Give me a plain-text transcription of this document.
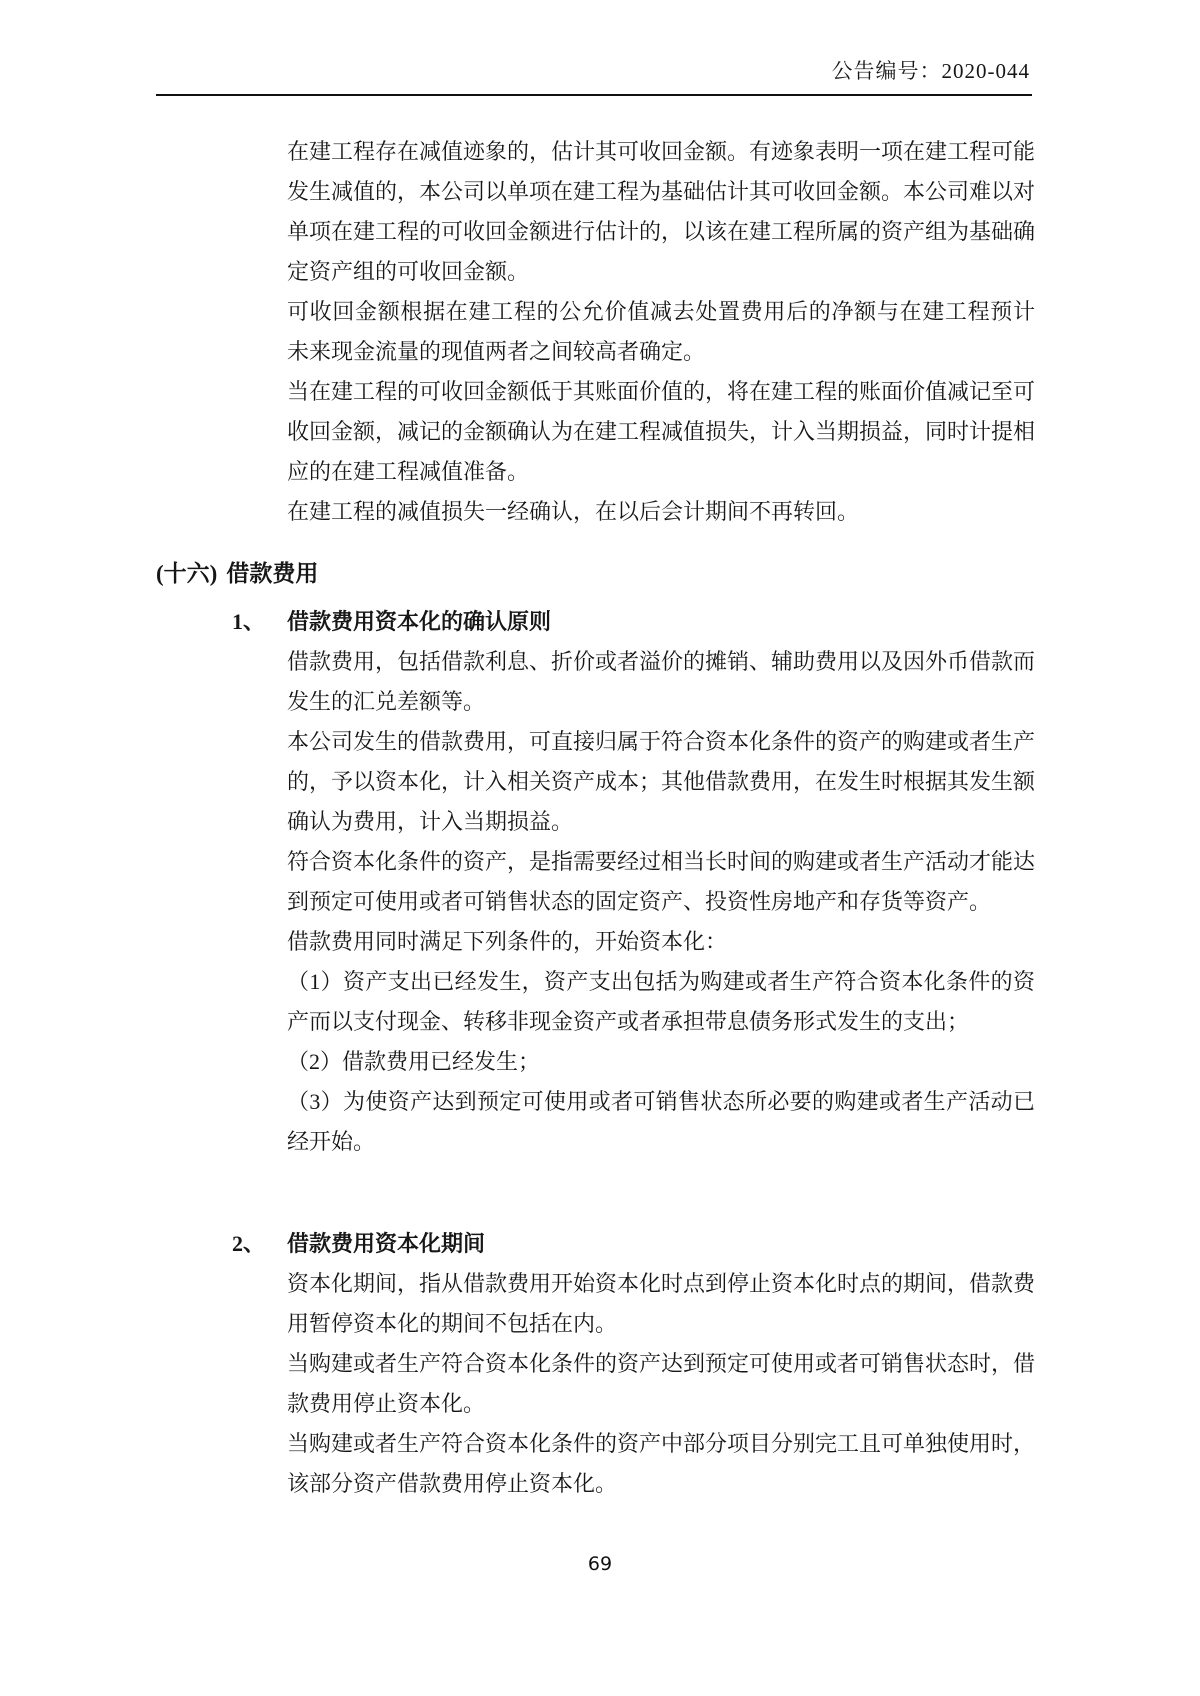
公告编号：2020-044
在建工程存在减值迹象的，估计其可收回金额。有迹象表明一项在建工程可能
发生减值的，本公司以单项在建工程为基础估计其可收回金额。本公司难以对
单项在建工程的可收回金额进行估计的，以该在建工程所属的资产组为基础确
定资产组的可收回金额。
可收回金额根据在建工程的公允价值减去处置费用后的净额与在建工程预计
未来现金流量的现值两者之间较高者确定。
当在建工程的可收回金额低于其账面价值的，将在建工程的账面价值减记至可
收回金额，减记的金额确认为在建工程减值损失，计入当期损益，同时计提相
应的在建工程减值准备。
在建工程的减值损失一经确认，在以后会计期间不再转回。
(十六) 借款费用
1、 借款费用资本化的确认原则
借款费用，包括借款利息、折价或者溢价的摊销、辅助费用以及因外币借款而
发生的汇兑差额等。
本公司发生的借款费用，可直接归属于符合资本化条件的资产的购建或者生产
的，予以资本化，计入相关资产成本；其他借款费用，在发生时根据其发生额
确认为费用，计入当期损益。
符合资本化条件的资产，是指需要经过相当长时间的购建或者生产活动才能达
到预定可使用或者可销售状态的固定资产、投资性房地产和存货等资产。
借款费用同时满足下列条件的，开始资本化：
（1）资产支出已经发生，资产支出包括为购建或者生产符合资本化条件的资
产而以支付现金、转移非现金资产或者承担带息债务形式发生的支出；
（2）借款费用已经发生；
（3）为使资产达到预定可使用或者可销售状态所必要的购建或者生产活动已
经开始。
2、 借款费用资本化期间
资本化期间，指从借款费用开始资本化时点到停止资本化时点的期间，借款费
用暂停资本化的期间不包括在内。
当购建或者生产符合资本化条件的资产达到预定可使用或者可销售状态时，借
款费用停止资本化。
当购建或者生产符合资本化条件的资产中部分项目分别完工且可单独使用时，
该部分资产借款费用停止资本化。
69
